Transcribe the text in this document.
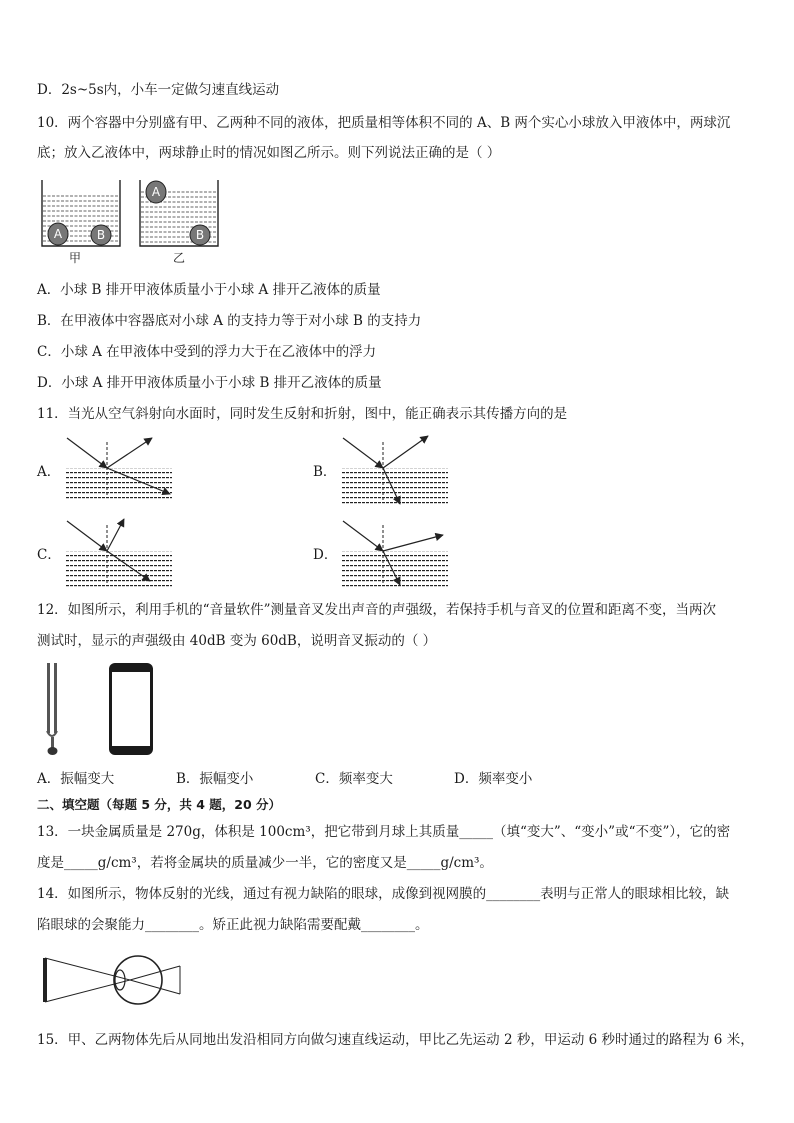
D．2s~5s内，小车一定做匀速直线运动
10．两个容器中分别盛有甲、乙两种不同的液体，把质量相等体积不同的 A、B 两个实心小球放入甲液体中，两球沉
底；放入乙液体中，两球静止时的情况如图乙所示。则下列说法正确的是（ ）
A	B
甲
A
B
乙
A．小球 B 排开甲液体质量小于小球 A 排开乙液体的质量
B．在甲液体中容器底对小球 A 的支持力等于对小球 B 的支持力
C．小球 A 在甲液体中受到的浮力大于在乙液体中的浮力
D．小球 A 排开甲液体质量小于小球 B 排开乙液体的质量
11．当光从空气斜射向水面时，同时发生反射和折射，图中，能正确表示其传播方向的是
A．	B．
C．	D．
12．如图所示，利用手机的“音量软件”测量音叉发出声音的声强级，若保持手机与音叉的位置和距离不变，当两次
测试时，显示的声强级由 40dB 变为 60dB，说明音叉振动的（ ）
A．振幅变大	B．振幅变小	C．频率变大	D．频率变小
二、填空题（每题 5 分，共 4 题，20 分）
13．一块金属质量是 270g，体积是 100cm³，把它带到月球上其质量_____（填“变大”、“变小”或“不变”），它的密
度是_____g/cm³，若将金属块的质量减少一半，它的密度又是_____g/cm³。
14．如图所示，物体反射的光线，通过有视力缺陷的眼球，成像到视网膜的________表明与正常人的眼球相比较，缺
陷眼球的会聚能力________。矫正此视力缺陷需要配戴________。
15．甲、乙两物体先后从同地出发沿相同方向做匀速直线运动，甲比乙先运动 2 秒，甲运动 6 秒时通过的路程为 6 米，
